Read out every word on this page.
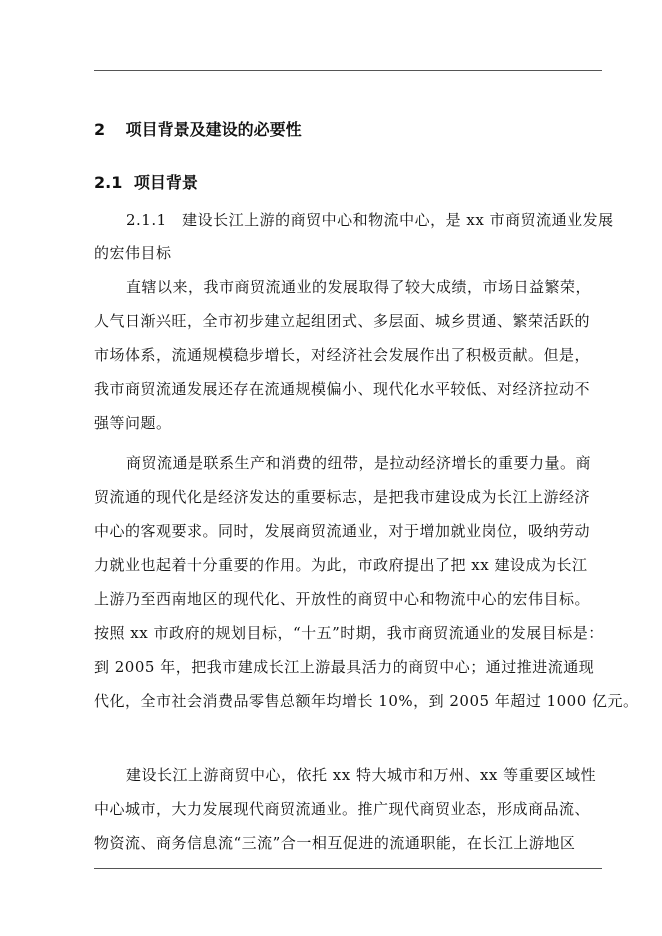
2 项目背景及建设的必要性
2.1 项目背景
2.1.1　建设长江上游的商贸中心和物流中心，是 xx 市商贸流通业发展
的宏伟目标
直辖以来，我市商贸流通业的发展取得了较大成绩，市场日益繁荣，
人气日渐兴旺，全市初步建立起组团式、多层面、城乡贯通、繁荣活跃的
市场体系，流通规模稳步增长，对经济社会发展作出了积极贡献。但是，
我市商贸流通发展还存在流通规模偏小、现代化水平较低、对经济拉动不
强等问题。
商贸流通是联系生产和消费的纽带，是拉动经济增长的重要力量。商
贸流通的现代化是经济发达的重要标志，是把我市建设成为长江上游经济
中心的客观要求。同时，发展商贸流通业，对于增加就业岗位，吸纳劳动
力就业也起着十分重要的作用。为此，市政府提出了把 xx 建设成为长江
上游乃至西南地区的现代化、开放性的商贸中心和物流中心的宏伟目标。
按照 xx 市政府的规划目标，“十五”时期，我市商贸流通业的发展目标是：
到 2005 年，把我市建成长江上游最具活力的商贸中心；通过推进流通现
代化，全市社会消费品零售总额年均增长 10%，到 2005 年超过 1000 亿元。
建设长江上游商贸中心，依托 xx 特大城市和万州、xx 等重要区域性
中心城市，大力发展现代商贸流通业。推广现代商贸业态，形成商品流、
物资流、商务信息流“三流”合一相互促进的流通职能，在长江上游地区
